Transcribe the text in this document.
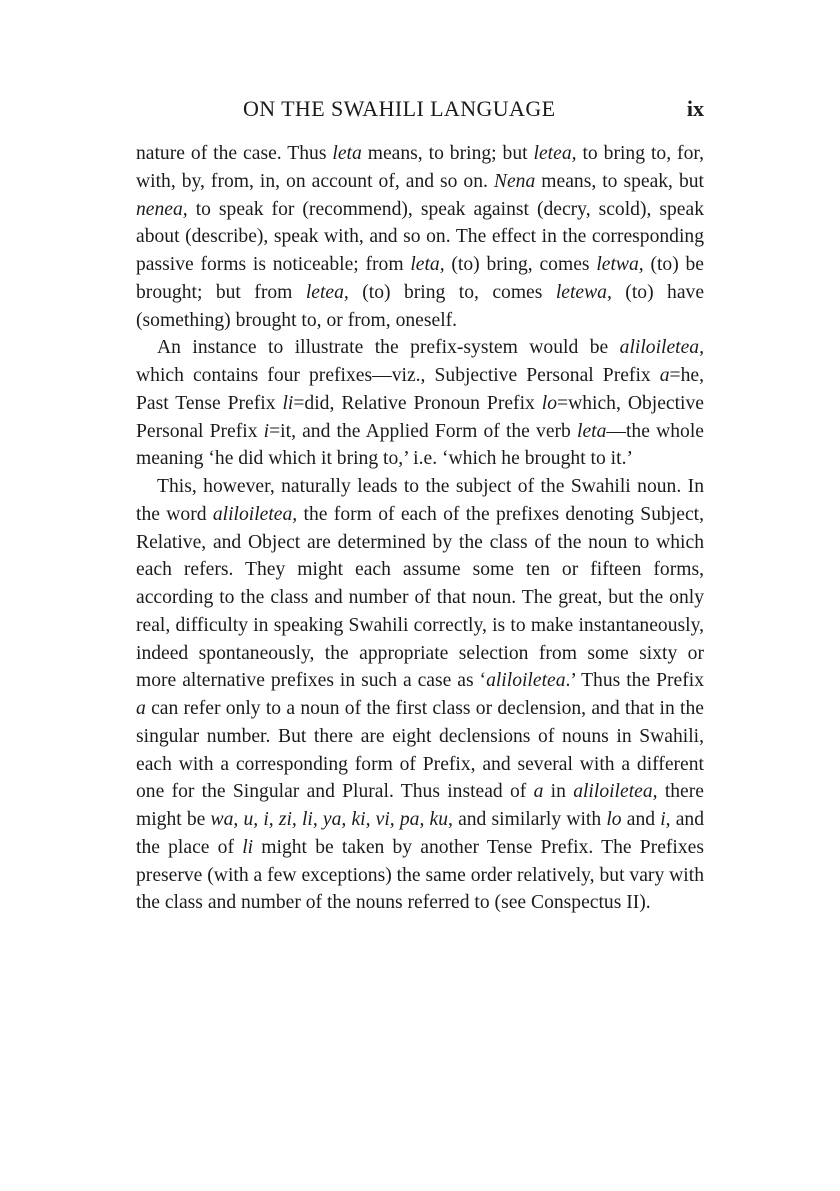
ON THE SWAHILI LANGUAGE	ix

nature of the case. Thus leta means, to bring; but letea, to bring to, for, with, by, from, in, on account of, and so on. Nena means, to speak, but nenea, to speak for (recommend), speak against (decry, scold), speak about (describe), speak with, and so on. The effect in the corresponding passive forms is noticeable; from leta, (to) bring, comes letwa, (to) be brought; but from letea, (to) bring to, comes letewa, (to) have (something) brought to, or from, oneself.

An instance to illustrate the prefix-system would be aliloiletea, which contains four prefixes—viz., Subjective Personal Prefix a=he, Past Tense Prefix li=did, Relative Pronoun Prefix lo=which, Objective Personal Prefix i=it, and the Applied Form of the verb leta—the whole meaning ‘he did which it bring to,’ i.e. ‘which he brought to it.’

This, however, naturally leads to the subject of the Swahili noun. In the word aliloiletea, the form of each of the prefixes denoting Subject, Relative, and Object are determined by the class of the noun to which each refers. They might each assume some ten or fifteen forms, according to the class and number of that noun. The great, but the only real, difficulty in speaking Swahili correctly, is to make instantaneously, indeed spontaneously, the appropriate selection from some sixty or more alternative prefixes in such a case as ‘aliloiletea.’ Thus the Prefix a can refer only to a noun of the first class or declension, and that in the singular number. But there are eight declensions of nouns in Swahili, each with a corresponding form of Prefix, and several with a different one for the Singular and Plural. Thus instead of a in aliloiletea, there might be wa, u, i, zi, li, ya, ki, vi, pa, ku, and similarly with lo and i, and the place of li might be taken by another Tense Prefix. The Prefixes preserve (with a few exceptions) the same order relatively, but vary with the class and number of the nouns referred to (see Conspectus II).
